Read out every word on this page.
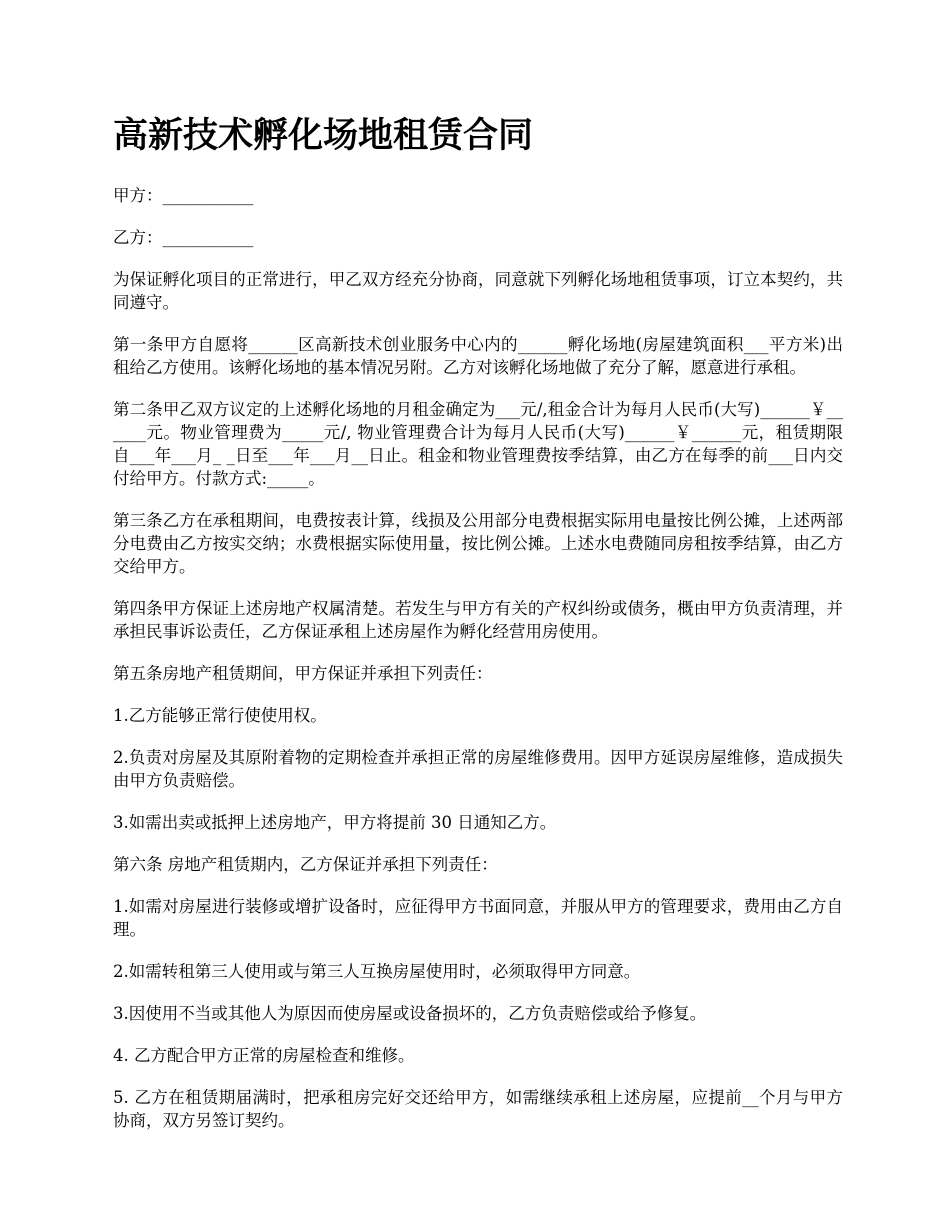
高新技术孵化场地租赁合同

甲方：___________

乙方：___________

为保证孵化项目的正常进行，甲乙双方经充分协商，同意就下列孵化场地租赁事项，订立本契约，共同遵守。

第一条甲方自愿将______区高新技术创业服务中心内的______孵化场地(房屋建筑面积___平方米)出租给乙方使用。该孵化场地的基本情况另附。乙方对该孵化场地做了充分了解，愿意进行承租。

第二条甲乙双方议定的上述孵化场地的月租金确定为___元/,租金合计为每月人民币(大写)______￥______元。物业管理费为_____元/, 物业管理费合计为每月人民币(大写)______￥______元，租赁期限自___年___月_ _日至___年___月__日止。租金和物业管理费按季结算，由乙方在每季的前___日内交付给甲方。付款方式:_____。

第三条乙方在承租期间，电费按表计算，线损及公用部分电费根据实际用电量按比例公摊，上述两部分电费由乙方按实交纳；水费根据实际使用量，按比例公摊。上述水电费随同房租按季结算，由乙方交给甲方。

第四条甲方保证上述房地产权属清楚。若发生与甲方有关的产权纠纷或债务，概由甲方负责清理，并承担民事诉讼责任，乙方保证承租上述房屋作为孵化经营用房使用。

第五条房地产租赁期间，甲方保证并承担下列责任：

1.乙方能够正常行使使用权。

2.负责对房屋及其原附着物的定期检查并承担正常的房屋维修费用。因甲方延误房屋维修，造成损失由甲方负责赔偿。

3.如需出卖或抵押上述房地产，甲方将提前 30 日通知乙方。

第六条 房地产租赁期内，乙方保证并承担下列责任：

1.如需对房屋进行装修或增扩设备时，应征得甲方书面同意，并服从甲方的管理要求，费用由乙方自理。

2.如需转租第三人使用或与第三人互换房屋使用时，必须取得甲方同意。

3.因使用不当或其他人为原因而使房屋或设备损坏的，乙方负责赔偿或给予修复。

4. 乙方配合甲方正常的房屋检查和维修。

5. 乙方在租赁期届满时，把承租房完好交还给甲方，如需继续承租上述房屋，应提前__个月与甲方协商，双方另签订契约。
